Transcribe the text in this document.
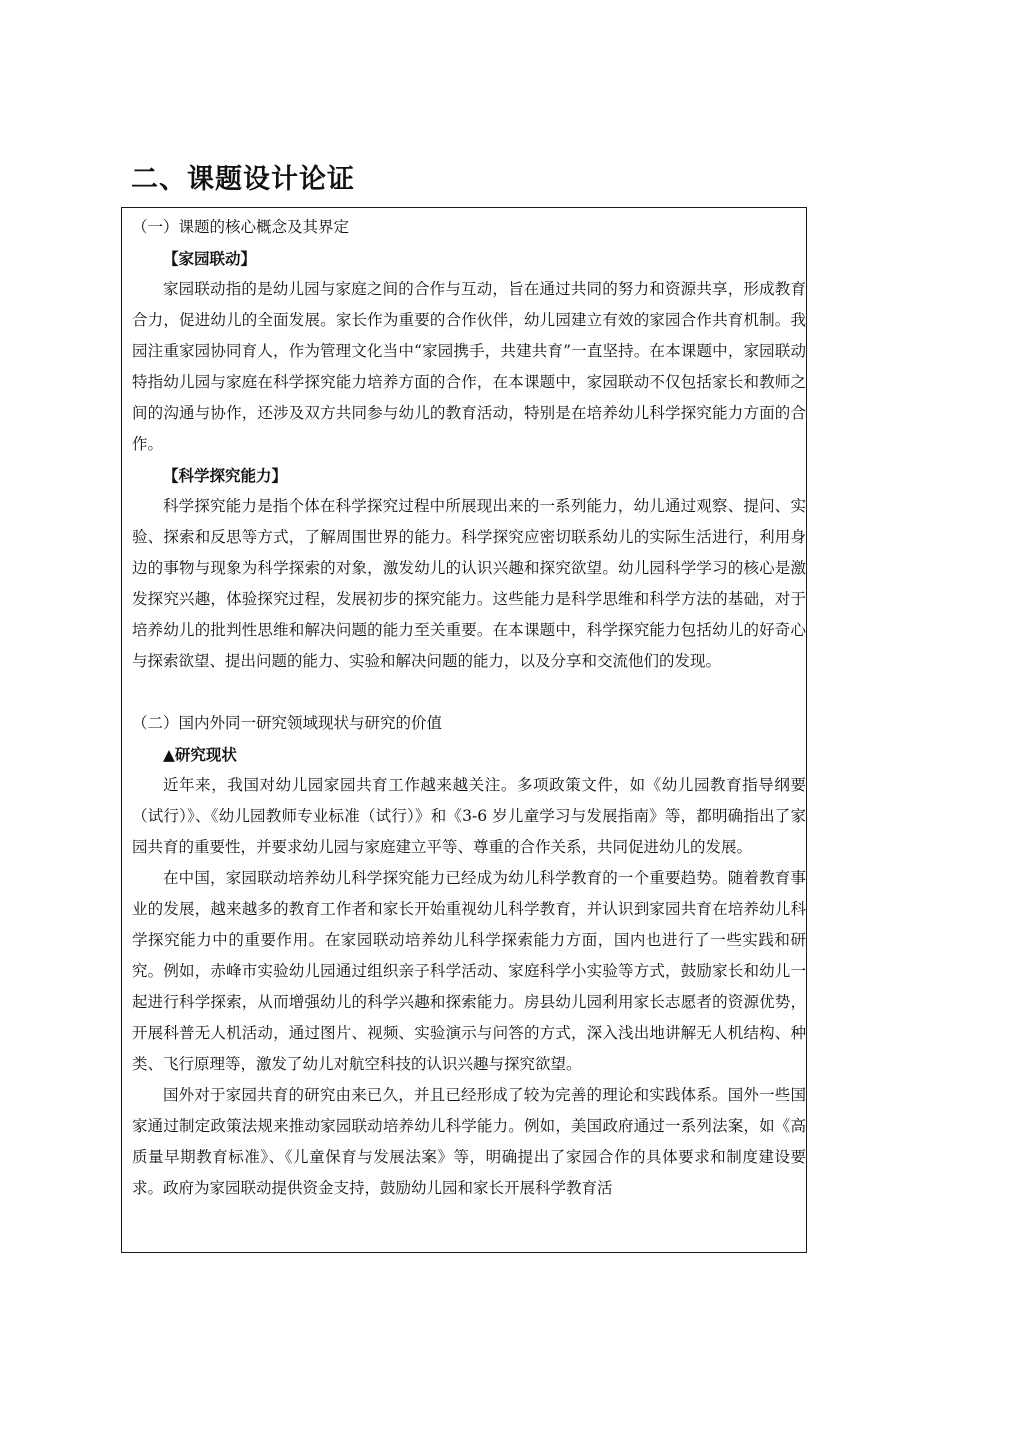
二、课题设计论证

（一）课题的核心概念及其界定

【家园联动】

家园联动指的是幼儿园与家庭之间的合作与互动，旨在通过共同的努力和资源共享，形成教育合力，促进幼儿的全面发展。家长作为重要的合作伙伴，幼儿园建立有效的家园合作共育机制。我园注重家园协同育人，作为管理文化当中“家园携手，共建共育”一直坚持。在本课题中，家园联动特指幼儿园与家庭在科学探究能力培养方面的合作，在本课题中，家园联动不仅包括家长和教师之间的沟通与协作，还涉及双方共同参与幼儿的教育活动，特别是在培养幼儿科学探究能力方面的合作。

【科学探究能力】

科学探究能力是指个体在科学探究过程中所展现出来的一系列能力，幼儿通过观察、提问、实验、探索和反思等方式，了解周围世界的能力。科学探究应密切联系幼儿的实际生活进行，利用身边的事物与现象为科学探索的对象，激发幼儿的认识兴趣和探究欲望。幼儿园科学学习的核心是激发探究兴趣，体验探究过程，发展初步的探究能力。这些能力是科学思维和科学方法的基础，对于培养幼儿的批判性思维和解决问题的能力至关重要。在本课题中，科学探究能力包括幼儿的好奇心与探索欲望、提出问题的能力、实验和解决问题的能力，以及分享和交流他们的发现。

（二）国内外同一研究领域现状与研究的价值

▲研究现状

近年来，我国对幼儿园家园共育工作越来越关注。多项政策文件，如《幼儿园教育指导纲要（试行）》、《幼儿园教师专业标准（试行）》和《3-6 岁儿童学习与发展指南》等，都明确指出了家园共育的重要性，并要求幼儿园与家庭建立平等、尊重的合作关系，共同促进幼儿的发展。

在中国，家园联动培养幼儿科学探究能力已经成为幼儿科学教育的一个重要趋势。随着教育事业的发展，越来越多的教育工作者和家长开始重视幼儿科学教育，并认识到家园共育在培养幼儿科学探究能力中的重要作用。在家园联动培养幼儿科学探索能力方面，国内也进行了一些实践和研究。例如，赤峰市实验幼儿园通过组织亲子科学活动、家庭科学小实验等方式，鼓励家长和幼儿一起进行科学探索，从而增强幼儿的科学兴趣和探索能力。房县幼儿园利用家长志愿者的资源优势，开展科普无人机活动，通过图片、视频、实验演示与问答的方式，深入浅出地讲解无人机结构、种类、飞行原理等，激发了幼儿对航空科技的认识兴趣与探究欲望。

国外对于家园共育的研究由来已久，并且已经形成了较为完善的理论和实践体系。国外一些国家通过制定政策法规来推动家园联动培养幼儿科学能力。例如，美国政府通过一系列法案，如《高质量早期教育标准》、《儿童保育与发展法案》等，明确提出了家园合作的具体要求和制度建设要求。政府为家园联动提供资金支持，鼓励幼儿园和家长开展科学教育活
